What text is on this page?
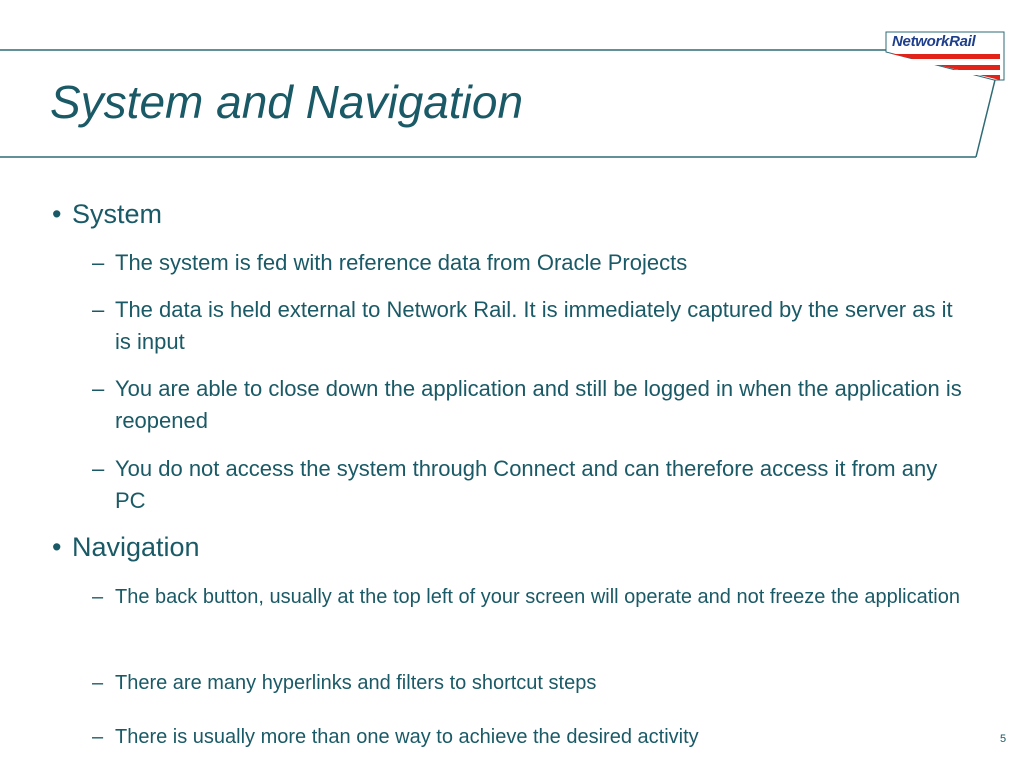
NetworkRail
System and Navigation
• System
– The system is fed with reference data from Oracle Projects
– The data is held external to Network Rail. It is immediately captured by the server as it is input
– You are able to close down the application and still be logged in when the application is reopened
– You do not access the system through Connect and can therefore access it from any PC
• Navigation
– The back button, usually at the top left of your screen will operate and not freeze the application
– There are many hyperlinks and filters to shortcut steps
– There is usually more than one way to achieve the desired activity	5
